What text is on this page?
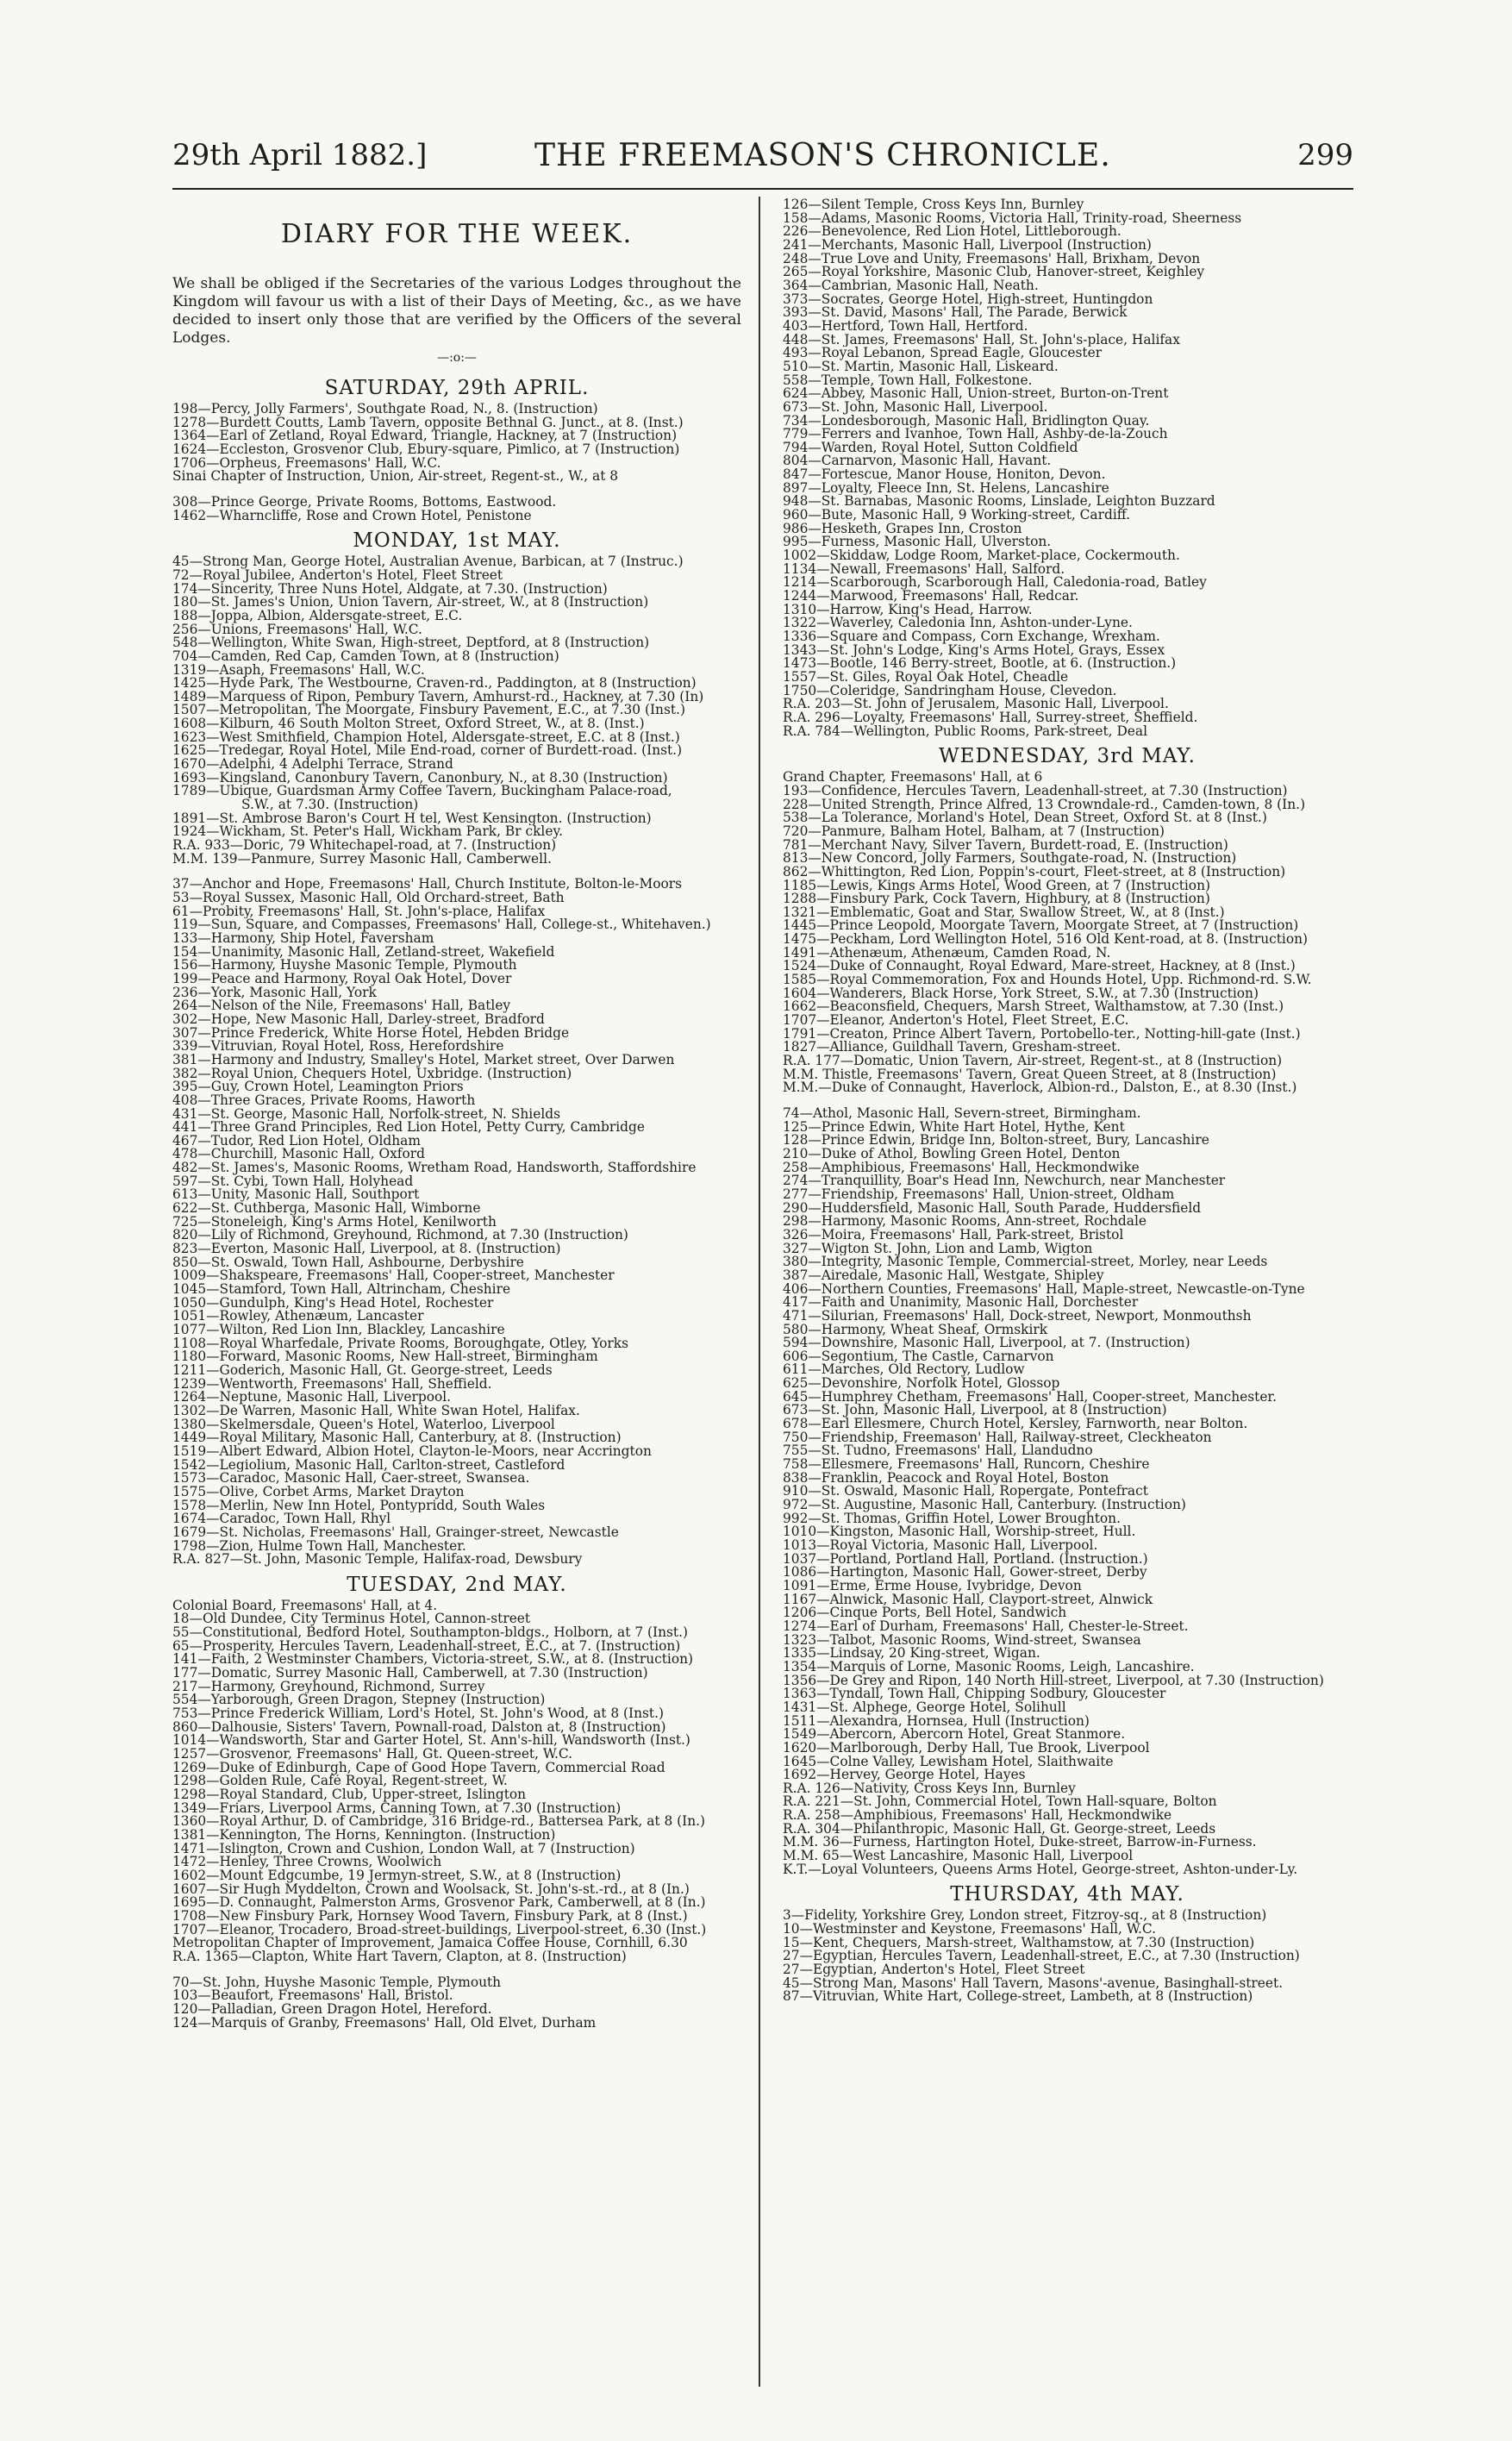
29th April 1882.]	THE FREEMASON'S CHRONICLE.	299
DIARY FOR THE WEEK.
We shall be obliged if the Secretaries of the various Lodges throughout the Kingdom will favour us with a list of their Days of Meeting, &c., as we have decided to insert only those that are verified by the Officers of the several Lodges.
—:o:—
SATURDAY, 29th APRIL.
198—Percy, Jolly Farmers', Southgate Road, N., 8. (Instruction)
1278—Burdett Coutts, Lamb Tavern, opposite Bethnal G. Junct., at 8. (Inst.)
1364—Earl of Zetland, Royal Edward, Triangle, Hackney, at 7 (Instruction)
1624—Eccleston, Grosvenor Club, Ebury-square, Pimlico, at 7 (Instruction)
1706—Orpheus, Freemasons' Hall, W.C.
Sinai Chapter of Instruction, Union, Air-street, Regent-st., W., at 8
308—Prince George, Private Rooms, Bottoms, Eastwood.
1462—Wharncliffe, Rose and Crown Hotel, Penistone
MONDAY, 1st MAY.
45—Strong Man, George Hotel, Australian Avenue, Barbican, at 7 (Instruc.)
72—Royal Jubilee, Anderton's Hotel, Fleet Street
174—Sincerity, Three Nuns Hotel, Aldgate, at 7.30. (Instruction)
180—St. James's Union, Union Tavern, Air-street, W., at 8 (Instruction)
188—Joppa, Albion, Aldersgate-street, E.C.
256—Unions, Freemasons' Hall, W.C.
548—Wellington, White Swan, High-street, Deptford, at 8 (Instruction)
704—Camden, Red Cap, Camden Town, at 8 (Instruction)
1319—Asaph, Freemasons' Hall, W.C.
1425—Hyde Park, The Westbourne, Craven-rd., Paddington, at 8 (Instruction)
1489—Marquess of Ripon, Pembury Tavern, Amhurst-rd., Hackney, at 7.30 (In)
1507—Metropolitan, The Moorgate, Finsbury Pavement, E.C., at 7.30 (Inst.)
1608—Kilburn, 46 South Molton Street, Oxford Street, W., at 8. (Inst.)
1623—West Smithfield, Champion Hotel, Aldersgate-street, E.C. at 8 (Inst.)
1625—Tredegar, Royal Hotel, Mile End-road, corner of Burdett-road. (Inst.)
1670—Adelphi, 4 Adelphi Terrace, Strand
1693—Kingsland, Canonbury Tavern, Canonbury, N., at 8.30 (Instruction)
1789—Ubique, Guardsman Army Coffee Tavern, Buckingham Palace-road,
S.W., at 7.30. (Instruction)
1891—St. Ambrose Baron's Court H tel, West Kensington. (Instruction)
1924—Wickham, St. Peter's Hall, Wickham Park, Br ckley.
R.A. 933—Doric, 79 Whitechapel-road, at 7. (Instruction)
M.M. 139—Panmure, Surrey Masonic Hall, Camberwell.
37—Anchor and Hope, Freemasons' Hall, Church Institute, Bolton-le-Moors
53—Royal Sussex, Masonic Hall, Old Orchard-street, Bath
61—Probity, Freemasons' Hall, St. John's-place, Halifax
119—Sun, Square, and Compasses, Freemasons' Hall, College-st., Whitehaven.)
133—Harmony, Ship Hotel, Faversham
154—Unanimity, Masonic Hall, Zetland-street, Wakefield
156—Harmony, Huyshe Masonic Temple, Plymouth
199—Peace and Harmony, Royal Oak Hotel, Dover
236—York, Masonic Hall, York
264—Nelson of the Nile, Freemasons' Hall, Batley
302—Hope, New Masonic Hall, Darley-street, Bradford
307—Prince Frederick, White Horse Hotel, Hebden Bridge
339—Vitruvian, Royal Hotel, Ross, Herefordshire
381—Harmony and Industry, Smalley's Hotel, Market street, Over Darwen
382—Royal Union, Chequers Hotel, Uxbridge. (Instruction)
395—Guy, Crown Hotel, Leamington Priors
408—Three Graces, Private Rooms, Haworth
431—St. George, Masonic Hall, Norfolk-street, N. Shields
441—Three Grand Principles, Red Lion Hotel, Petty Curry, Cambridge
467—Tudor, Red Lion Hotel, Oldham
478—Churchill, Masonic Hall, Oxford
482—St. James's, Masonic Rooms, Wretham Road, Handsworth, Staffordshire
597—St. Cybi, Town Hall, Holyhead
613—Unity, Masonic Hall, Southport
622—St. Cuthberga, Masonic Hall, Wimborne
725—Stoneleigh, King's Arms Hotel, Kenilworth
820—Lily of Richmond, Greyhound, Richmond, at 7.30 (Instruction)
823—Everton, Masonic Hall, Liverpool, at 8. (Instruction)
850—St. Oswald, Town Hall, Ashbourne, Derbyshire
1009—Shakspeare, Freemasons' Hall, Cooper-street, Manchester
1045—Stamford, Town Hall, Altrincham, Cheshire
1050—Gundulph, King's Head Hotel, Rochester
1051—Rowley, Athenæum, Lancaster
1077—Wilton, Red Lion Inn, Blackley, Lancashire
1108—Royal Wharfedale, Private Rooms, Boroughgate, Otley, Yorks
1180—Forward, Masonic Rooms, New Hall-street, Birmingham
1211—Goderich, Masonic Hall, Gt. George-street, Leeds
1239—Wentworth, Freemasons' Hall, Sheffield.
1264—Neptune, Masonic Hall, Liverpool.
1302—De Warren, Masonic Hall, White Swan Hotel, Halifax.
1380—Skelmersdale, Queen's Hotel, Waterloo, Liverpool
1449—Royal Military, Masonic Hall, Canterbury, at 8. (Instruction)
1519—Albert Edward, Albion Hotel, Clayton-le-Moors, near Accrington
1542—Legiolium, Masonic Hall, Carlton-street, Castleford
1573—Caradoc, Masonic Hall, Caer-street, Swansea.
1575—Olive, Corbet Arms, Market Drayton
1578—Merlin, New Inn Hotel, Pontypridd, South Wales
1674—Caradoc, Town Hall, Rhyl
1679—St. Nicholas, Freemasons' Hall, Grainger-street, Newcastle
1798—Zion, Hulme Town Hall, Manchester.
R.A. 827—St. John, Masonic Temple, Halifax-road, Dewsbury
TUESDAY, 2nd MAY.
Colonial Board, Freemasons' Hall, at 4.
18—Old Dundee, City Terminus Hotel, Cannon-street
55—Constitutional, Bedford Hotel, Southampton-bldgs., Holborn, at 7 (Inst.)
65—Prosperity, Hercules Tavern, Leadenhall-street, E.C., at 7. (Instruction)
141—Faith, 2 Westminster Chambers, Victoria-street, S.W., at 8. (Instruction)
177—Domatic, Surrey Masonic Hall, Camberwell, at 7.30 (Instruction)
217—Harmony, Greyhound, Richmond, Surrey
554—Yarborough, Green Dragon, Stepney (Instruction)
753—Prince Frederick William, Lord's Hotel, St. John's Wood, at 8 (Inst.)
860—Dalhousie, Sisters' Tavern, Pownall-road, Dalston at, 8 (Instruction)
1014—Wandsworth, Star and Garter Hotel, St. Ann's-hill, Wandsworth (Inst.)
1257—Grosvenor, Freemasons' Hall, Gt. Queen-street, W.C.
1269—Duke of Edinburgh, Cape of Good Hope Tavern, Commercial Road
1298—Golden Rule, Café Royal, Regent-street, W.
1298—Royal Standard, Club, Upper-street, Islington
1349—Friars, Liverpool Arms, Canning Town, at 7.30 (Instruction)
1360—Royal Arthur, D. of Cambridge, 316 Bridge-rd., Battersea Park, at 8 (In.)
1381—Kennington, The Horns, Kennington. (Instruction)
1471—Islington, Crown and Cushion, London Wall, at 7 (Instruction)
1472—Henley, Three Crowns, Woolwich
1602—Mount Edgcumbe, 19 Jermyn-street, S.W., at 8 (Instruction)
1607—Sir Hugh Myddelton, Crown and Woolsack, St. John's-st.-rd., at 8 (In.)
1695—D. Connaught, Palmerston Arms, Grosvenor Park, Camberwell, at 8 (In.)
1708—New Finsbury Park, Hornsey Wood Tavern, Finsbury Park, at 8 (Inst.)
1707—Eleanor, Trocadero, Broad-street-buildings, Liverpool-street, 6.30 (Inst.)
Metropolitan Chapter of Improvement, Jamaica Coffee House, Cornhill, 6.30
R.A. 1365—Clapton, White Hart Tavern, Clapton, at 8. (Instruction)
70—St. John, Huyshe Masonic Temple, Plymouth
103—Beaufort, Freemasons' Hall, Bristol.
120—Palladian, Green Dragon Hotel, Hereford.
124—Marquis of Granby, Freemasons' Hall, Old Elvet, Durham
126—Silent Temple, Cross Keys Inn, Burnley
158—Adams, Masonic Rooms, Victoria Hall, Trinity-road, Sheerness
226—Benevolence, Red Lion Hotel, Littleborough.
241—Merchants, Masonic Hall, Liverpool (Instruction)
248—True Love and Unity, Freemasons' Hall, Brixham, Devon
265—Royal Yorkshire, Masonic Club, Hanover-street, Keighley
364—Cambrian, Masonic Hall, Neath.
373—Socrates, George Hotel, High-street, Huntingdon
393—St. David, Masons' Hall, The Parade, Berwick
403—Hertford, Town Hall, Hertford.
448—St. James, Freemasons' Hall, St. John's-place, Halifax
493—Royal Lebanon, Spread Eagle, Gloucester
510—St. Martin, Masonic Hall, Liskeard.
558—Temple, Town Hall, Folkestone.
624—Abbey, Masonic Hall, Union-street, Burton-on-Trent
673—St. John, Masonic Hall, Liverpool.
734—Londesborough, Masonic Hall, Bridlington Quay.
779—Ferrers and Ivanhoe, Town Hall, Ashby-de-la-Zouch
794—Warden, Royal Hotel, Sutton Coldfield
804—Carnarvon, Masonic Hall, Havant.
847—Fortescue, Manor House, Honiton, Devon.
897—Loyalty, Fleece Inn, St. Helens, Lancashire
948—St. Barnabas, Masonic Rooms, Linslade, Leighton Buzzard
960—Bute, Masonic Hall, 9 Working-street, Cardiff.
986—Hesketh, Grapes Inn, Croston
995—Furness, Masonic Hall, Ulverston.
1002—Skiddaw, Lodge Room, Market-place, Cockermouth.
1134—Newall, Freemasons' Hall, Salford.
1214—Scarborough, Scarborough Hall, Caledonia-road, Batley
1244—Marwood, Freemasons' Hall, Redcar.
1310—Harrow, King's Head, Harrow.
1322—Waverley, Caledonia Inn, Ashton-under-Lyne.
1336—Square and Compass, Corn Exchange, Wrexham.
1343—St. John's Lodge, King's Arms Hotel, Grays, Essex
1473—Bootle, 146 Berry-street, Bootle, at 6. (Instruction.)
1557—St. Giles, Royal Oak Hotel, Cheadle
1750—Coleridge, Sandringham House, Clevedon.
R.A. 203—St. John of Jerusalem, Masonic Hall, Liverpool.
R.A. 296—Loyalty, Freemasons' Hall, Surrey-street, Sheffield.
R.A. 784—Wellington, Public Rooms, Park-street, Deal
WEDNESDAY, 3rd MAY.
Grand Chapter, Freemasons' Hall, at 6
193—Confidence, Hercules Tavern, Leadenhall-street, at 7.30 (Instruction)
228—United Strength, Prince Alfred, 13 Crowndale-rd., Camden-town, 8 (In.)
538—La Tolerance, Morland's Hotel, Dean Street, Oxford St. at 8 (Inst.)
720—Panmure, Balham Hotel, Balham, at 7 (Instruction)
781—Merchant Navy, Silver Tavern, Burdett-road, E. (Instruction)
813—New Concord, Jolly Farmers, Southgate-road, N. (Instruction)
862—Whittington, Red Lion, Poppin's-court, Fleet-street, at 8 (Instruction)
1185—Lewis, Kings Arms Hotel, Wood Green, at 7 (Instruction)
1288—Finsbury Park, Cock Tavern, Highbury, at 8 (Instruction)
1321—Emblematic, Goat and Star, Swallow Street, W., at 8 (Inst.)
1445—Prince Leopold, Moorgate Tavern, Moorgate Street, at 7 (Instruction)
1475—Peckham, Lord Wellington Hotel, 516 Old Kent-road, at 8. (Instruction)
1491—Athenæum, Athenæum, Camden Road, N.
1524—Duke of Connaught, Royal Edward, Mare-street, Hackney, at 8 (Inst.)
1585—Royal Commemoration, Fox and Hounds Hotel, Upp. Richmond-rd. S.W.
1604—Wanderers, Black Horse, York Street, S.W., at 7.30 (Instruction)
1662—Beaconsfield, Chequers, Marsh Street, Walthamstow, at 7.30 (Inst.)
1707—Eleanor, Anderton's Hotel, Fleet Street, E.C.
1791—Creaton, Prince Albert Tavern, Portobello-ter., Notting-hill-gate (Inst.)
1827—Alliance, Guildhall Tavern, Gresham-street.
R.A. 177—Domatic, Union Tavern, Air-street, Regent-st., at 8 (Instruction)
M.M. Thistle, Freemasons' Tavern, Great Queen Street, at 8 (Instruction)
M.M.—Duke of Connaught, Haverlock, Albion-rd., Dalston, E., at 8.30 (Inst.)
74—Athol, Masonic Hall, Severn-street, Birmingham.
125—Prince Edwin, White Hart Hotel, Hythe, Kent
128—Prince Edwin, Bridge Inn, Bolton-street, Bury, Lancashire
210—Duke of Athol, Bowling Green Hotel, Denton
258—Amphibious, Freemasons' Hall, Heckmondwike
274—Tranquillity, Boar's Head Inn, Newchurch, near Manchester
277—Friendship, Freemasons' Hall, Union-street, Oldham
290—Huddersfield, Masonic Hall, South Parade, Huddersfield
298—Harmony, Masonic Rooms, Ann-street, Rochdale
326—Moira, Freemasons' Hall, Park-street, Bristol
327—Wigton St. John, Lion and Lamb, Wigton
380—Integrity, Masonic Temple, Commercial-street, Morley, near Leeds
387—Airedale, Masonic Hall, Westgate, Shipley
406—Northern Counties, Freemasons' Hall, Maple-street, Newcastle-on-Tyne
417—Faith and Unanimity, Masonic Hall, Dorchester
471—Silurian, Freemasons' Hall, Dock-street, Newport, Monmouthsh
580—Harmony, Wheat Sheaf, Ormskirk
594—Downshire, Masonic Hall, Liverpool, at 7. (Instruction)
606—Segontium, The Castle, Carnarvon
611—Marches, Old Rectory, Ludlow
625—Devonshire, Norfolk Hotel, Glossop
645—Humphrey Chetham, Freemasons' Hall, Cooper-street, Manchester.
673—St. John, Masonic Hall, Liverpool, at 8 (Instruction)
678—Earl Ellesmere, Church Hotel, Kersley, Farnworth, near Bolton.
750—Friendship, Freemason' Hall, Railway-street, Cleckheaton
755—St. Tudno, Freemasons' Hall, Llandudno
758—Ellesmere, Freemasons' Hall, Runcorn, Cheshire
838—Franklin, Peacock and Royal Hotel, Boston
910—St. Oswald, Masonic Hall, Ropergate, Pontefract
972—St. Augustine, Masonic Hall, Canterbury. (Instruction)
992—St. Thomas, Griffin Hotel, Lower Broughton.
1010—Kingston, Masonic Hall, Worship-street, Hull.
1013—Royal Victoria, Masonic Hall, Liverpool.
1037—Portland, Portland Hall, Portland. (Instruction.)
1086—Hartington, Masonic Hall, Gower-street, Derby
1091—Erme, Erme House, Ivybridge, Devon
1167—Alnwick, Masonic Hall, Clayport-street, Alnwick
1206—Cinque Ports, Bell Hotel, Sandwich
1274—Earl of Durham, Freemasons' Hall, Chester-le-Street.
1323—Talbot, Masonic Rooms, Wind-street, Swansea
1335—Lindsay, 20 King-street, Wigan.
1354—Marquis of Lorne, Masonic Rooms, Leigh, Lancashire.
1356—De Grey and Ripon, 140 North Hill-street, Liverpool, at 7.30 (Instruction)
1363—Tyndall, Town Hall, Chipping Sodbury, Gloucester
1431—St. Alphege, George Hotel, Solihull
1511—Alexandra, Hornsea, Hull (Instruction)
1549—Abercorn, Abercorn Hotel, Great Stanmore.
1620—Marlborough, Derby Hall, Tue Brook, Liverpool
1645—Colne Valley, Lewisham Hotel, Slaithwaite
1692—Hervey, George Hotel, Hayes
R.A. 126—Nativity, Cross Keys Inn, Burnley
R.A. 221—St. John, Commercial Hotel, Town Hall-square, Bolton
R.A. 258—Amphibious, Freemasons' Hall, Heckmondwike
R.A. 304—Philanthropic, Masonic Hall, Gt. George-street, Leeds
M.M. 36—Furness, Hartington Hotel, Duke-street, Barrow-in-Furness.
M.M. 65—West Lancashire, Masonic Hall, Liverpool
K.T.—Loyal Volunteers, Queens Arms Hotel, George-street, Ashton-under-Ly.
THURSDAY, 4th MAY.
3—Fidelity, Yorkshire Grey, London street, Fitzroy-sq., at 8 (Instruction)
10—Westminster and Keystone, Freemasons' Hall, W.C.
15—Kent, Chequers, Marsh-street, Walthamstow, at 7.30 (Instruction)
27—Egyptian, Hercules Tavern, Leadenhall-street, E.C., at 7.30 (Instruction)
27—Egyptian, Anderton's Hotel, Fleet Street
45—Strong Man, Masons' Hall Tavern, Masons'-avenue, Basinghall-street.
87—Vitruvian, White Hart, College-street, Lambeth, at 8 (Instruction)
